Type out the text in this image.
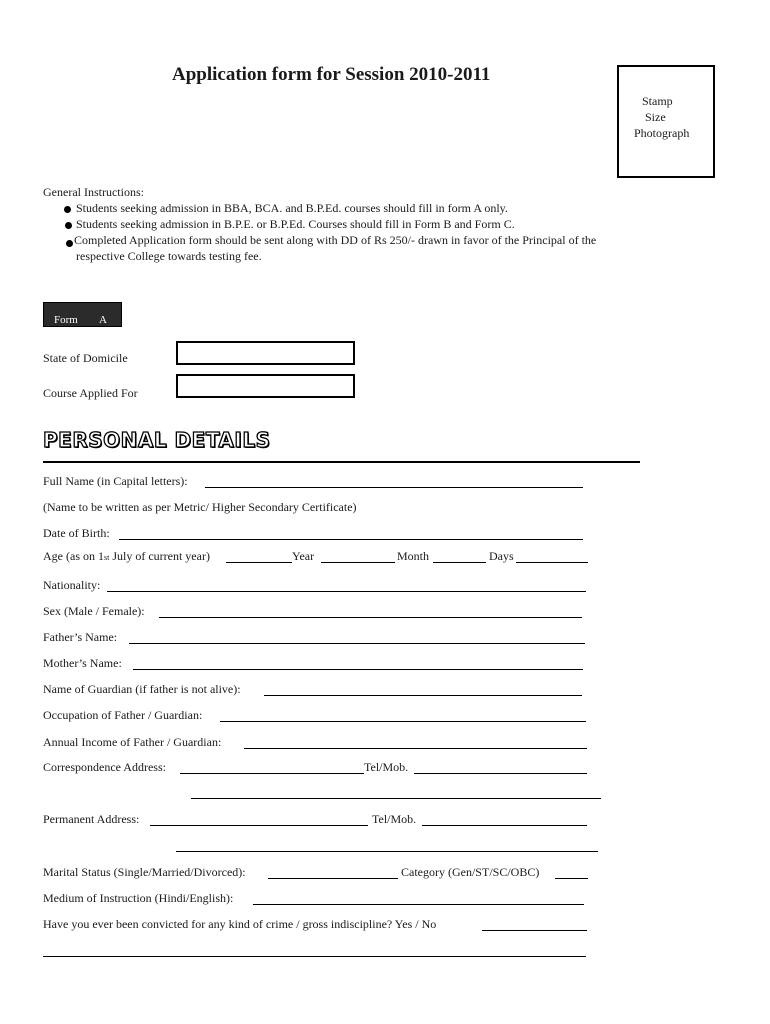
Application form for Session 2010-2011
Stamp
Size
Photograph
General Instructions:
Students seeking admission in BBA, BCA. and B.P.Ed. courses should fill in form A only.
Students seeking admission in B.P.E. or B.P.Ed. Courses should fill in Form B and Form C.
Completed Application form should be sent along with DD of Rs 250/- drawn in favor of the Principal of the
respective College towards testing fee.
Form A
State of Domicile
Course Applied For
PERSONAL DETAILS
Full Name (in Capital letters):
(Name to be written as per Metric/ Higher Secondary Certificate)
Date of Birth:
Age (as on 1st July of current year)	Year	Month	Days
Nationality:
Sex (Male / Female):
Father’s Name:
Mother’s Name:
Name of Guardian (if father is not alive):
Occupation of Father / Guardian:
Annual Income of Father / Guardian:
Correspondence Address:	Tel/Mob.
Permanent Address:	Tel/Mob.
Marital Status (Single/Married/Divorced):	Category (Gen/ST/SC/OBC)
Medium of Instruction (Hindi/English):
Have you ever been convicted for any kind of crime / gross indiscipline? Yes / No
